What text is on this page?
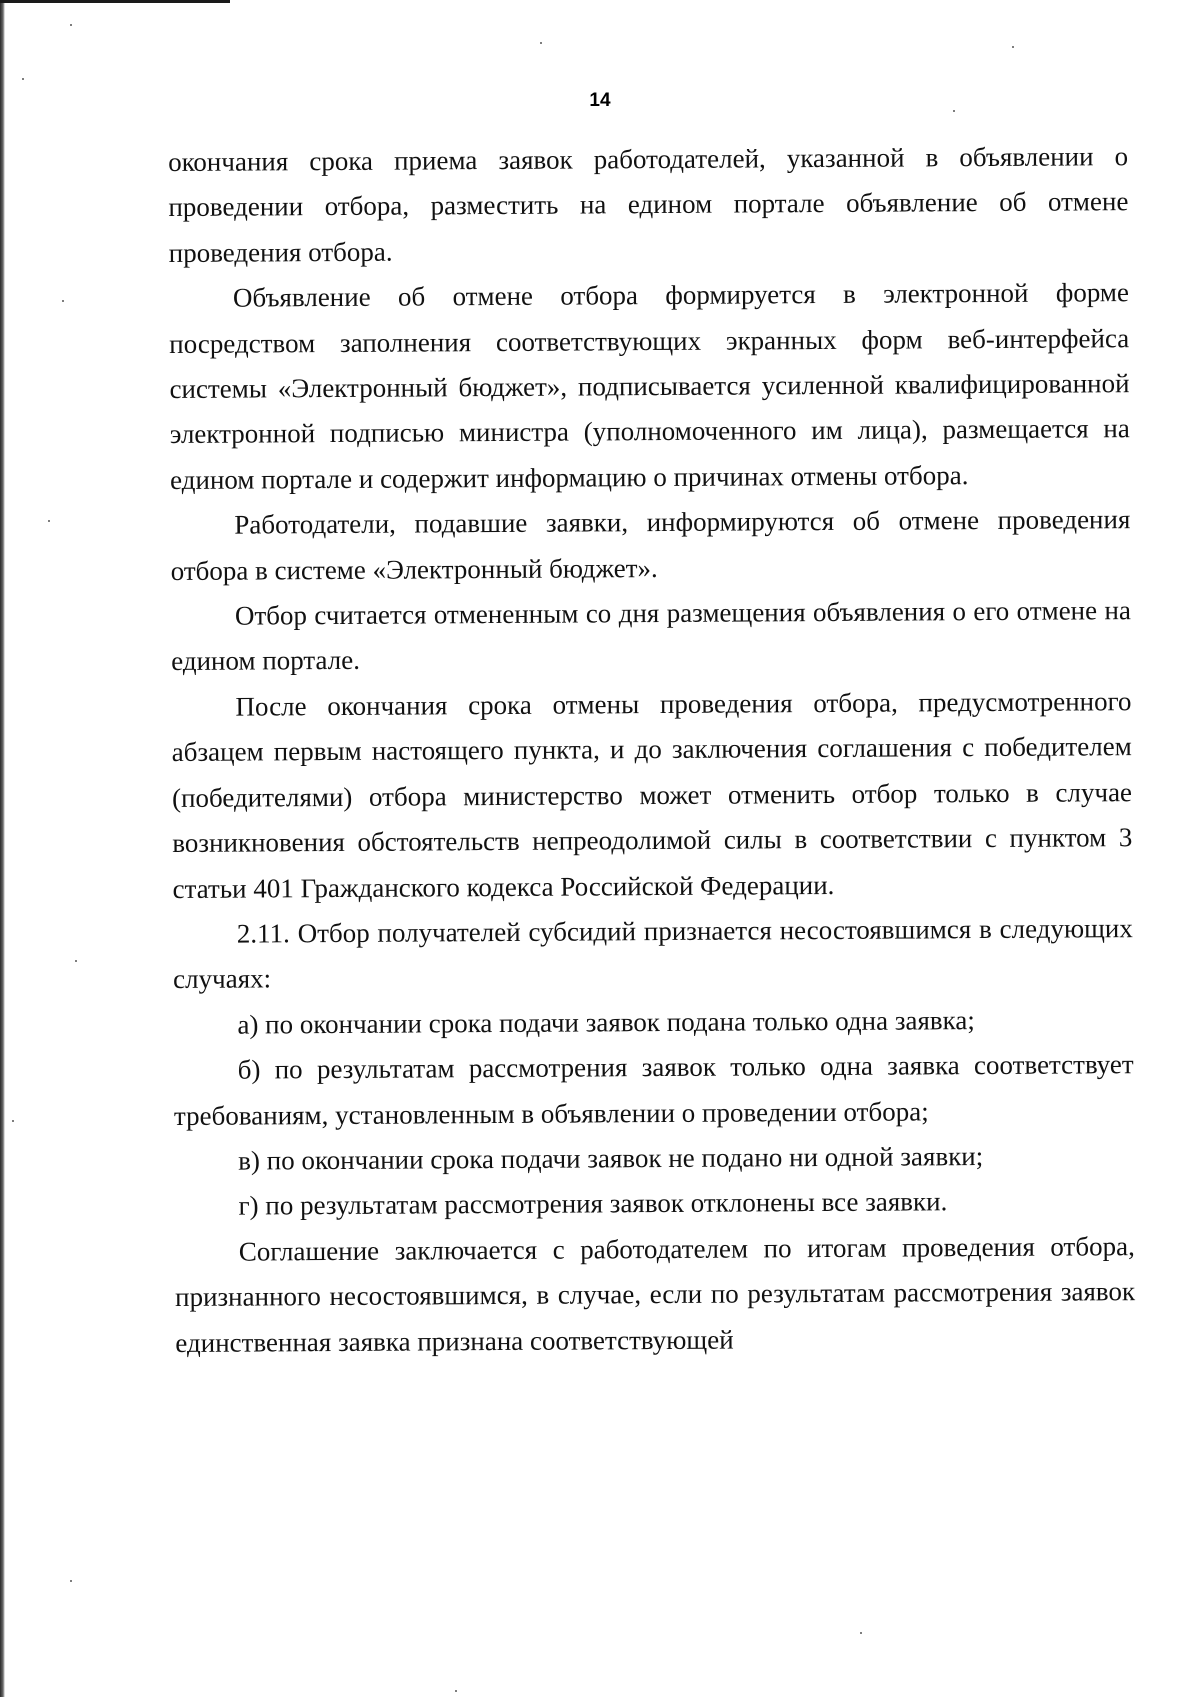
14

окончания срока приема заявок работодателей, указанной в объявлении о проведении отбора, разместить на едином портале объявление об отмене проведения отбора.

Объявление об отмене отбора формируется в электронной форме посредством заполнения соответствующих экранных форм веб-интерфейса системы «Электронный бюджет», подписывается усиленной квалифицированной электронной подписью министра (уполномоченного им лица), размещается на едином портале и содержит информацию о причинах отмены отбора.

Работодатели, подавшие заявки, информируются об отмене проведения отбора в системе «Электронный бюджет».

Отбор считается отмененным со дня размещения объявления о его отмене на едином портале.

После окончания срока отмены проведения отбора, предусмотренного абзацем первым настоящего пункта, и до заключения соглашения с победителем (победителями) отбора министерство может отменить отбор только в случае возникновения обстоятельств непреодолимой силы в соответствии с пунктом 3 статьи 401 Гражданского кодекса Российской Федерации.

2.11. Отбор получателей субсидий признается несостоявшимся в следующих случаях:

а) по окончании срока подачи заявок подана только одна заявка;

б) по результатам рассмотрения заявок только одна заявка соответствует требованиям, установленным в объявлении о проведении отбора;

в) по окончании срока подачи заявок не подано ни одной заявки;

г) по результатам рассмотрения заявок отклонены все заявки.

Соглашение заключается с работодателем по итогам проведения отбора, признанного несостоявшимся, в случае, если по результатам рассмотрения заявок единственная заявка признана соответствующей
